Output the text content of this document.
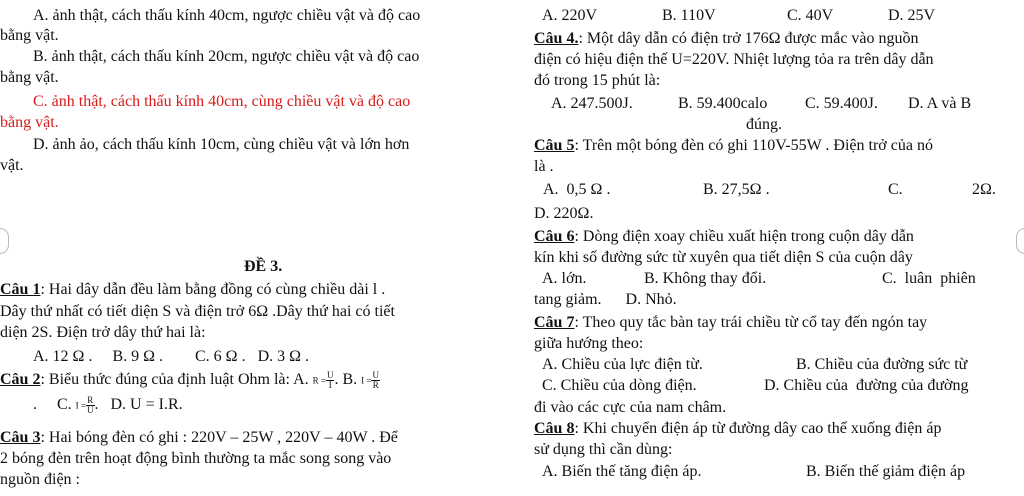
A. ảnh thật, cách thấu kính 40cm, ngược chiều vật và độ cao
bằng vật.
B. ảnh thật, cách thấu kính 20cm, ngược chiều vật và độ cao
bằng vật.
C. ảnh thật, cách thấu kính 40cm, cùng chiều vật và độ cao
bằng vật.
D. ảnh ảo, cách thấu kính 10cm, cùng chiều vật và lớn hơn
vật.
ĐỀ 3.
Câu 1: Hai dây dẫn đều làm bằng đồng có cùng chiều dài l .
Dây thứ nhất có tiết diện S và điện trở 6Ω .Dây thứ hai có tiết
diện 2S. Điện trở dây thứ hai là:
A. 12 Ω .     B. 9 Ω .        C. 6 Ω .   D. 3 Ω .
Câu 2: Biểu thức đúng của định luật Ohm là: A. $R = \frac{U}{I}$ . B. $I = \frac{U}{R}$
.     C. $I = \frac{R}{U}$ .   D. U = I.R.
Câu 3: Hai bóng đèn có ghi : 220V – 25W , 220V – 40W . Để
2 bóng đèn trên hoạt động bình thường ta mắc song song vào
nguồn điện :
A. 220V	B. 110V	C. 40V	D. 25V
Câu 4.: Một dây dẫn có điện trở 176Ω được mắc vào nguồn
điện có hiệu điện thế U=220V. Nhiệt lượng tỏa ra trên dây dẫn
đó trong 15 phút là:
A. 247.500J.	B. 59.400calo C. 59.400J. D. A và B
đúng.
Câu 5: Trên một bóng đèn có ghi 110V-55W . Điện trở của nó
là .
A.  0,5 Ω .	B. 27,5Ω .	C.	2Ω.
D. 220Ω.
Câu 6: Dòng điện xoay chiều xuất hiện trong cuộn dây dẫn
kín khi số đường sức từ xuyên qua tiết diện S của cuộn dây
A. lớn.	B. Không thay đổi.	C.  luân  phiên
tang giảm.      D. Nhỏ.
Câu 7: Theo quy tắc bàn tay trái chiều từ cổ tay đến ngón tay
giữa hướng theo:
A. Chiều của lực điện từ.	B. Chiều của đường sức từ
C. Chiều của dòng điện.	D. Chiều của  đường của đường
đi vào các cực của nam châm.
Câu 8: Khi chuyển điện áp từ đường dây cao thế xuống điện áp
sử dụng thì cần dùng:
A. Biến thế tăng điện áp.	B. Biến thế giảm điện áp
